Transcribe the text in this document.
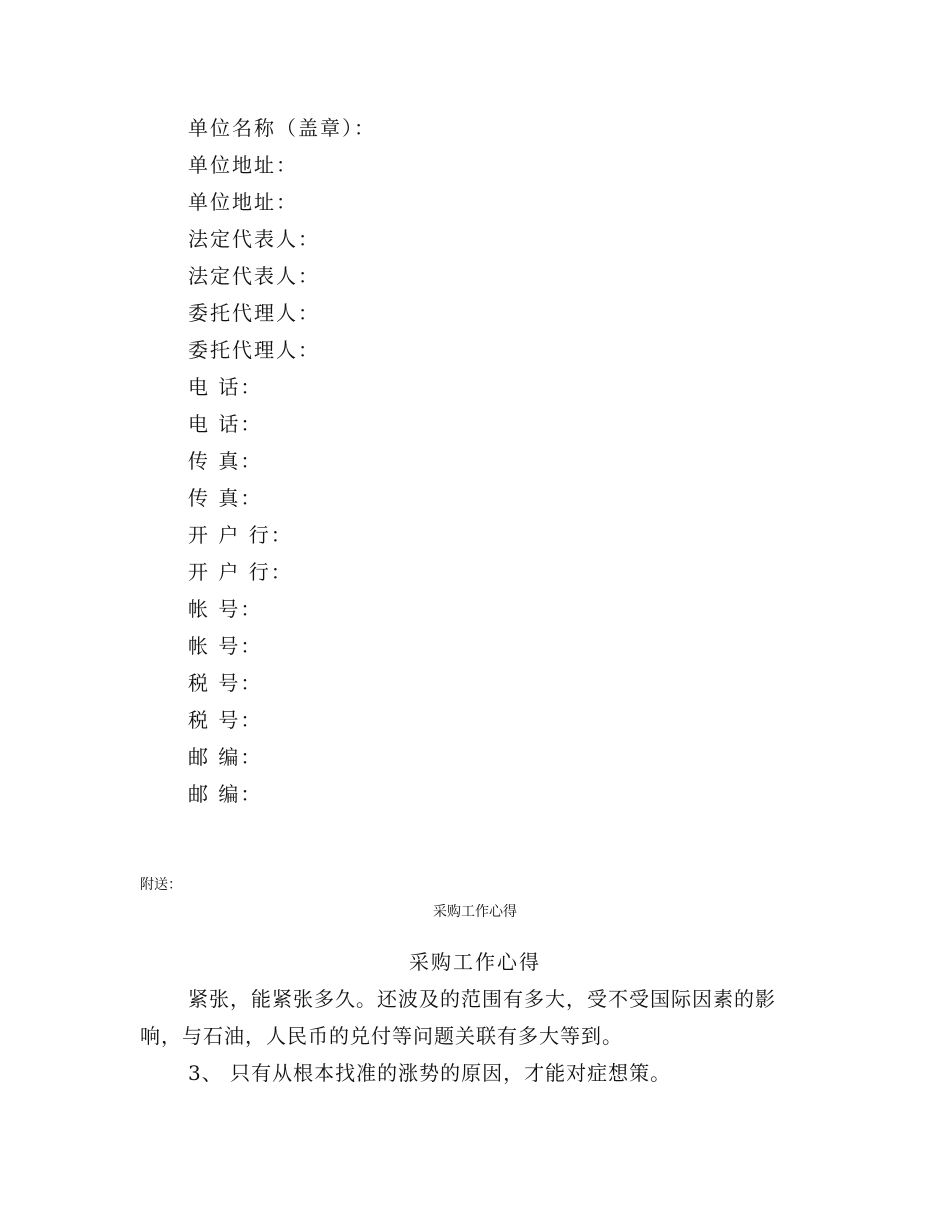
单位名称（盖章）：
单位地址：
单位地址：
法定代表人：
法定代表人：
委托代理人：
委托代理人：
电 话：
电 话：
传 真：
传 真：
开 户 行：
开 户 行：
帐 号：
帐 号：
税 号：
税 号：
邮 编：
邮 编：
附送：
采购工作心得
采购工作心得

紧张，能紧张多久。还波及的范围有多大，受不受国际因素的影响，与石油，人民币的兑付等问题关联有多大等到。

3、 只有从根本找准的涨势的原因，才能对症想策。
